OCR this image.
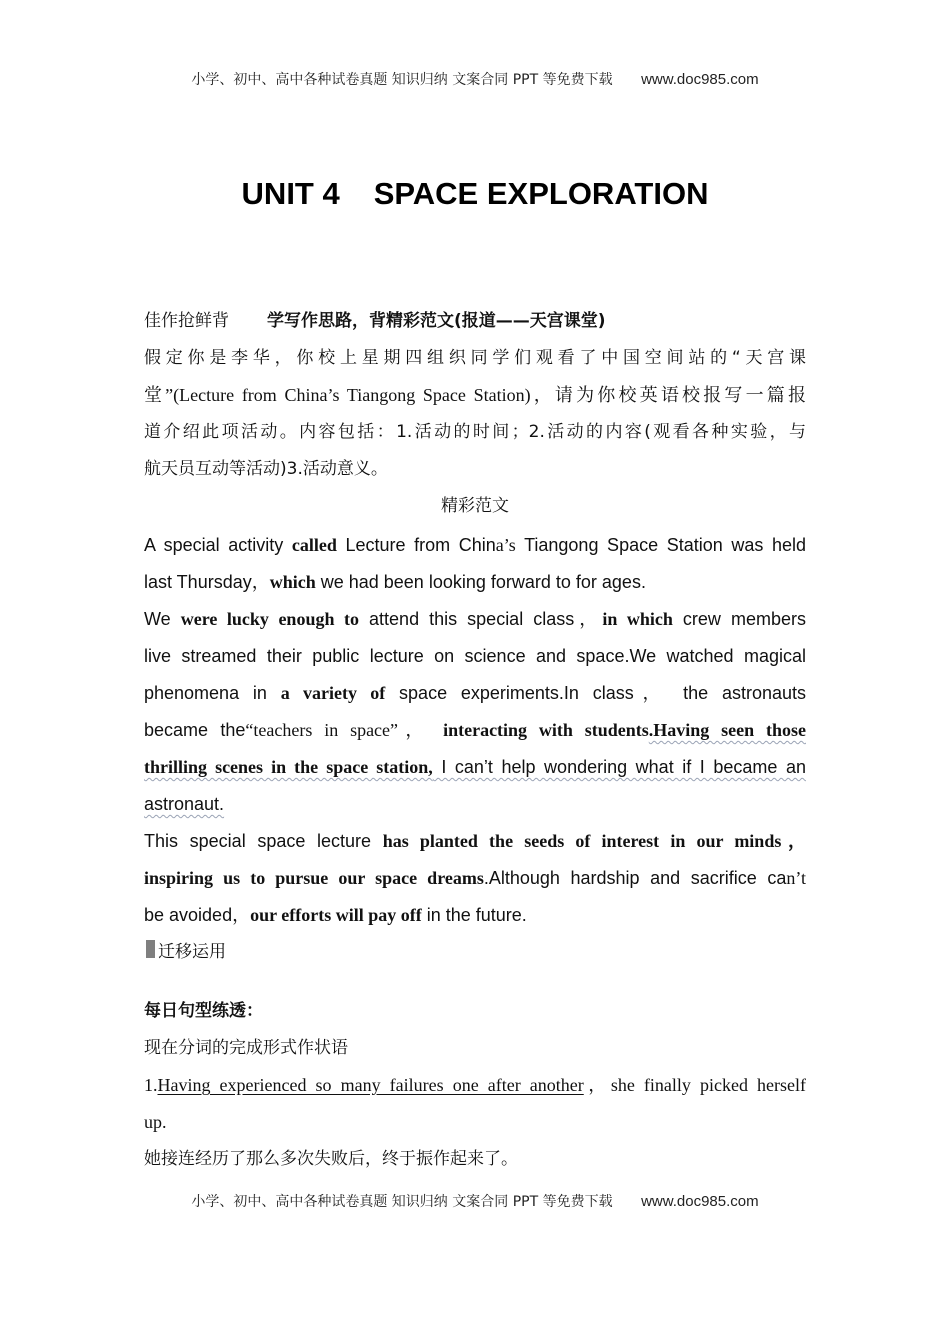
小学、初中、高中各种试卷真题 知识归纳 文案合同 PPT 等免费下载 www.doc985.com
UNIT 4 SPACE EXPLORATION
佳作抢鲜背 学写作思路，背精彩范文(报道——天宫课堂)
假定你是李华，你校上星期四组织同学们观看了中国空间站的“天宫课
堂”(Lecture from China’s Tiangong Space Station)，请为你校英语校报写一篇报
道介绍此项活动。内容包括：1.活动的时间；2.活动的内容(观看各种实验，与
航天员互动等活动)3.活动意义。
精彩范文
A special activity called Lecture from China’s Tiangong Space Station was held
last Thursday，which we had been looking forward to for ages.
We were lucky enough to attend this special class，in which crew members
live streamed their public lecture on science and space.We watched magical
phenomena in a variety of space experiments.In class， the astronauts
became the“teachers in space”， interacting with students.Having seen those
thrilling scenes in the space station, I can’t help wondering what if I became an
astronaut.
This special space lecture has planted the seeds of interest in our minds，
inspiring us to pursue our space dreams.Although hardship and sacrifice can’t
be avoided，our efforts will pay off in the future.
迁移运用
每日句型练透：
现在分词的完成形式作状语
1.Having experienced so many failures one after another，she finally picked herself
up.
她接连经历了那么多次失败后，终于振作起来了。
小学、初中、高中各种试卷真题 知识归纳 文案合同 PPT 等免费下载 www.doc985.com
